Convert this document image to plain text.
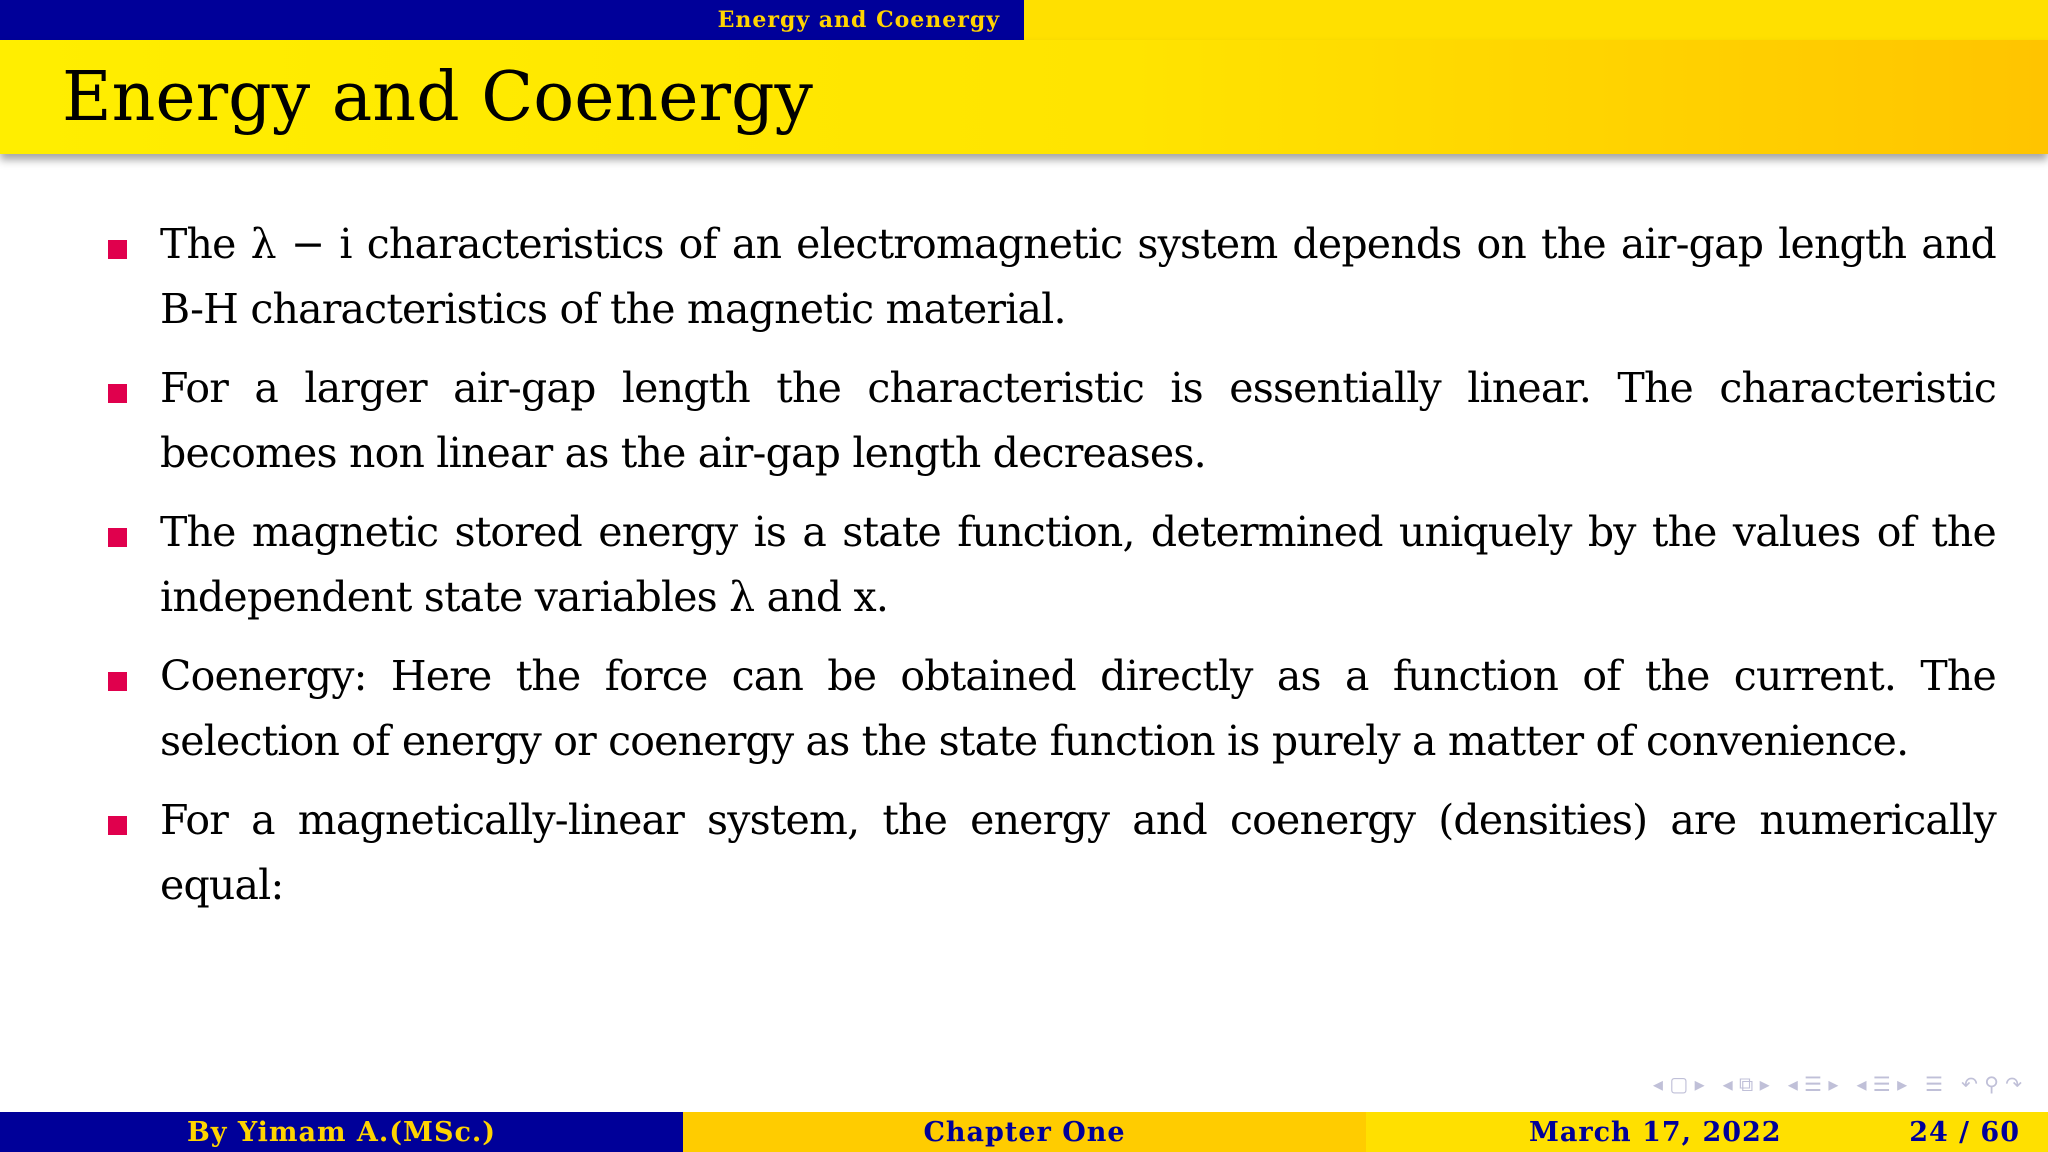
Energy and Coenergy
Energy and Coenergy
The λ − i characteristics of an electromagnetic system depends on the air-gap length and B-H characteristics of the magnetic material.
For a larger air-gap length the characteristic is essentially linear. The characteristic becomes non linear as the air-gap length decreases.
The magnetic stored energy is a state function, determined uniquely by the values of the independent state variables λ and x.
Coenergy: Here the force can be obtained directly as a function of the current. The selection of energy or coenergy as the state function is purely a matter of convenience.
For a magnetically-linear system, the energy and coenergy (densities) are numerically equal:
◂ ▢ ▸ ◂ ⧉ ▸ ◂ ☰ ▸ ◂ ☰ ▸ ☰ ↶ ⚲ ↷
By Yimam A.(MSc.)	Chapter One	March 17, 2022	24 / 60
